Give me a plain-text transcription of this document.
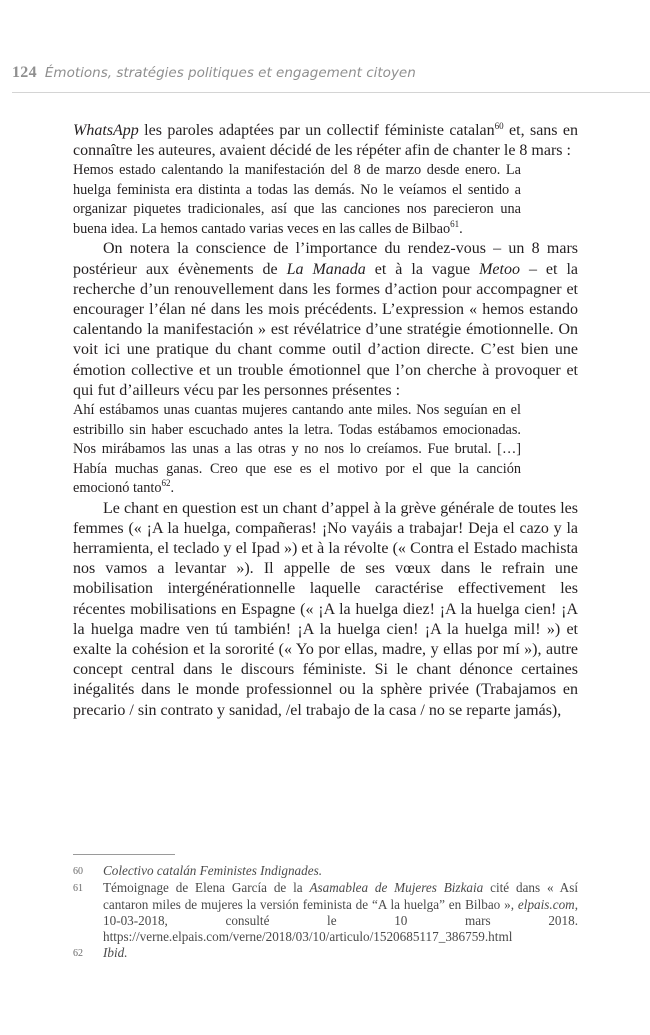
124 Émotions, stratégies politiques et engagement citoyen

WhatsApp les paroles adaptées par un collectif féministe catalan$^{60}$ et, sans en connaître les auteures, avaient décidé de les répéter afin de chanter le 8 mars :

Hemos estado calentando la manifestación del 8 de marzo desde enero. La huelga feminista era distinta a todas las demás. No le veíamos el sentido a organizar piquetes tradicionales, así que las canciones nos parecieron una buena idea. La hemos cantado varias veces en las calles de Bilbao$^{61}$.

On notera la conscience de l’importance du rendez-vous – un 8 mars postérieur aux évènements de La Manada et à la vague Metoo – et la recherche d’un renouvellement dans les formes d’action pour accompagner et encourager l’élan né dans les mois précédents. L’expression « hemos estando calentando la manifestación » est révélatrice d’une stratégie émotionnelle. On voit ici une pratique du chant comme outil d’action directe. C’est bien une émotion collective et un trouble émotionnel que l’on cherche à provoquer et qui fut d’ailleurs vécu par les personnes présentes :

Ahí estábamos unas cuantas mujeres cantando ante miles. Nos seguían en el estribillo sin haber escuchado antes la letra. Todas estábamos emocionadas. Nos mirábamos las unas a las otras y no nos lo creíamos. Fue brutal. […] Había muchas ganas. Creo que ese es el motivo por el que la canción emocionó tanto$^{62}$.

Le chant en question est un chant d’appel à la grève générale de toutes les femmes (« ¡A la huelga, compañeras! ¡No vayáis a trabajar! Deja el cazo y la herramienta, el teclado y el Ipad ») et à la révolte (« Contra el Estado machista nos vamos a levantar »). Il appelle de ses vœux dans le refrain une mobilisation intergénérationnelle laquelle caractérise effectivement les récentes mobilisations en Espagne (« ¡A la huelga diez! ¡A la huelga cien! ¡A la huelga madre ven tú también! ¡A la huelga cien! ¡A la huelga mil! ») et exalte la cohésion et la sororité (« Yo por ellas, madre, y ellas por mí »), autre concept central dans le discours féministe. Si le chant dénonce certaines inégalités dans le monde professionnel ou la sphère privée (Trabajamos en precario / sin contrato y sanidad, /el trabajo de la casa / no se reparte jamás),

60	Colectivo catalán Feministes Indignades.
61	Témoignage de Elena García de la Asamablea de Mujeres Bizkaia cité dans « Así cantaron miles de mujeres la versión feminista de “A la huelga” en Bilbao », elpais.com, 10-03-2018, consulté le 10 mars 2018. https://verne.elpais.com/verne/2018/03/10/articulo/1520685117_386759.html
62	Ibid.
